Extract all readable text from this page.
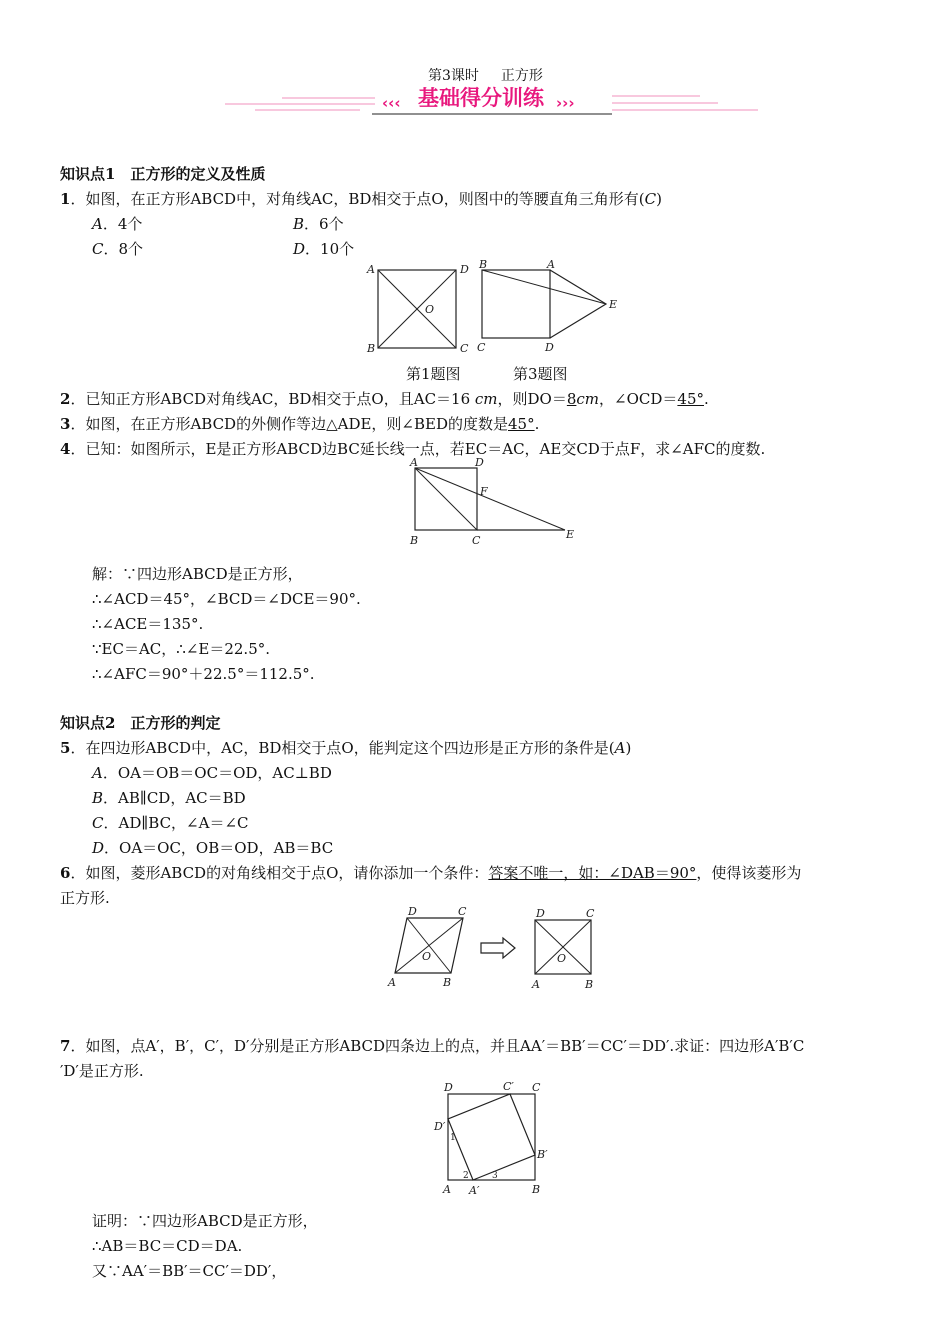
第3课时 正方形
‹‹‹ 基础得分训练 ›››
知识点1　正方形的定义及性质
1．如图，在正方形ABCD中，对角线AC，BD相交于点O，则图中的等腰直角三角形有(C)
A．4个	B．6个
C．8个	D．10个
A	D
B	C
O
B	A
E
C	D
第1题图	第3题图
2．已知正方形ABCD对角线AC，BD相交于点O，且AC＝16 cm，则DO＝8cm，∠OCD＝45°.
3．如图，在正方形ABCD的外侧作等边△ADE，则∠BED的度数是45°.
4．已知：如图所示，E是正方形ABCD边BC延长线一点，若EC＝AC，AE交CD于点F，求∠AFC的度数.
A	D
F
B	C	E
解：∵四边形ABCD是正方形，
∴∠ACD＝45°，∠BCD＝∠DCE＝90°.
∴∠ACE＝135°.
∵EC＝AC，∴∠E＝22.5°.
∴∠AFC＝90°＋22.5°＝112.5°.
知识点2　正方形的判定
5．在四边形ABCD中，AC，BD相交于点O，能判定这个四边形是正方形的条件是(A)
A．OA＝OB＝OC＝OD，AC⊥BD
B．AB∥CD，AC＝BD
C．AD∥BC，∠A＝∠C
D．OA＝OC，OB＝OD，AB＝BC
6．如图，菱形ABCD的对角线相交于点O，请你添加一个条件：答案不唯一，如：∠DAB＝90°，使得该菱形为
正方形.
D	C
A	B
O
D	C
A	B
O
7．如图，点A′，B′，C′，D′分别是正方形ABCD四条边上的点，并且AA′＝BB′＝CC′＝DD′.求证：四边形A′B′C
′D′是正方形.
D	C′ C
D′
B′
A A′	B
1
2	3
证明：∵四边形ABCD是正方形，
∴AB＝BC＝CD＝DA.
又∵AA′＝BB′＝CC′＝DD′，
